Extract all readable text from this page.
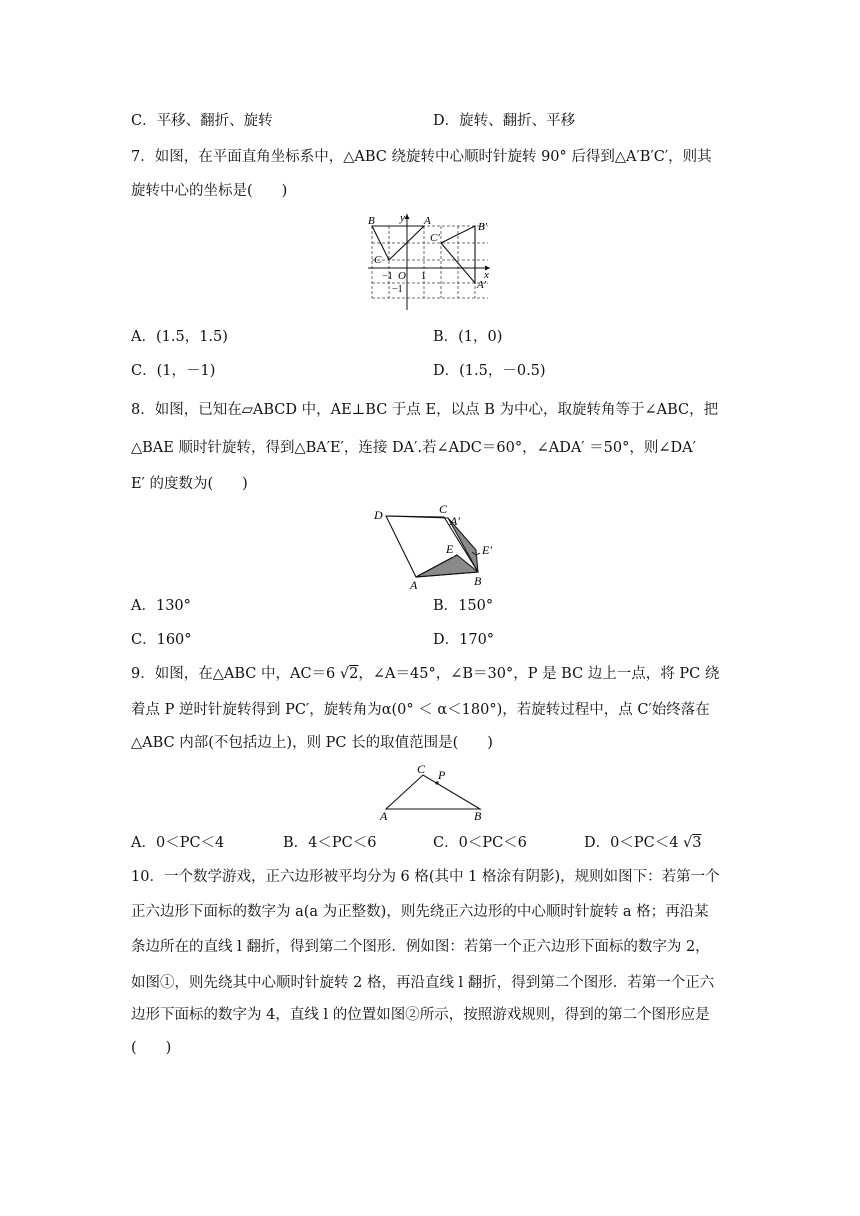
C．平移、翻折、旋转	D．旋转、翻折、平移
7．如图，在平面直角坐标系中，△ABC 绕旋转中心顺时针旋转 90° 后得到△A′B′C′，则其
旋转中心的坐标是(　　)
B y A
C′
B′
C
−1 O 1	x
−1	A′
A．(1.5，1.5)	B．(1，0)
C．(1，－1)	D．(1.5，－0.5)
8．如图，已知在▱ABCD 中，AE⊥BC 于点 E，以点 B 为中心，取旋转角等于∠ABC，把
△BAE 顺时针旋转，得到△BA′E′，连接 DA′.若∠ADC＝60°，∠ADA′ ＝50°，则∠DA′
E′ 的度数为(　　)
D	C
A′
E E′
A	B
A．130°	B．150°
C．160°	D．170°
9．如图，在△ABC 中，AC＝6 √2，∠A＝45°，∠B＝30°，P 是 BC 边上一点，将 PC 绕
着点 P 逆时针旋转得到 PC′，旋转角为α(0° ＜ α＜180°)，若旋转过程中，点 C′始终落在
△ABC 内部(不包括边上)，则 PC 长的取值范围是(　　)
C P
A	B
A．0＜PC＜4	B．4＜PC＜6	C．0＜PC＜6	D．0＜PC＜4 √3
10．一个数学游戏，正六边形被平均分为 6 格(其中 1 格涂有阴影)，规则如图下：若第一个
正六边形下面标的数字为 a(a 为正整数)，则先绕正六边形的中心顺时针旋转 a 格；再沿某
条边所在的直线 l 翻折，得到第二个图形．例如图：若第一个正六边形下面标的数字为 2，
如图①，则先绕其中心顺时针旋转 2 格，再沿直线 l 翻折，得到第二个图形．若第一个正六
边形下面标的数字为 4，直线 l 的位置如图②所示，按照游戏规则，得到的第二个图形应是
(　　)
